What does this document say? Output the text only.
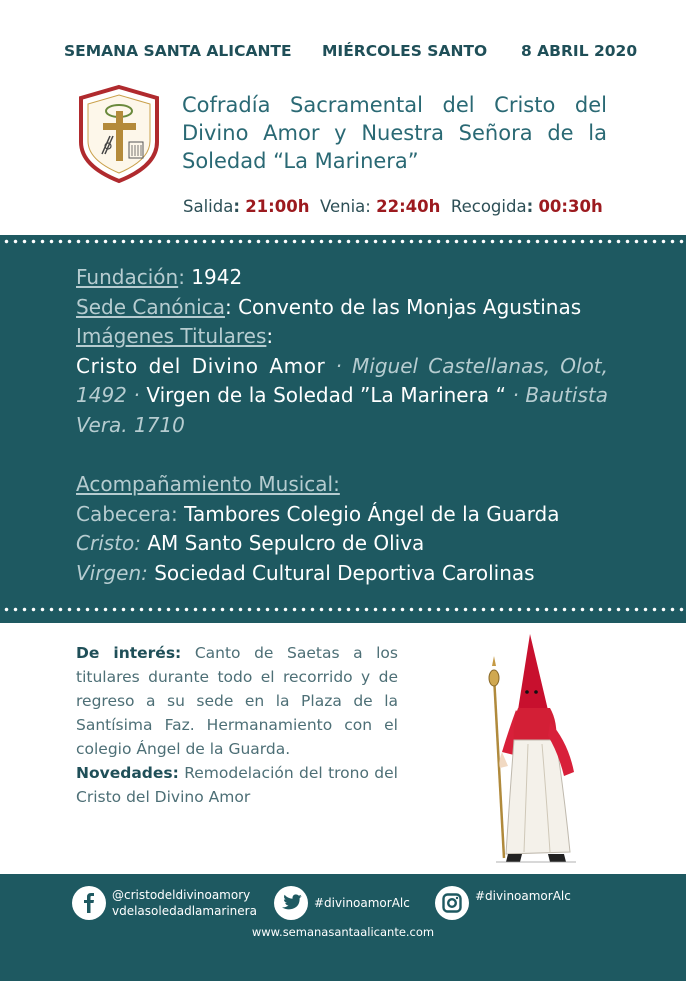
SEMANA SANTA ALICANTE MIÉRCOLES SANTO 8 ABRIL 2020
Cofradía Sacramental del Cristo del Divino Amor y Nuestra Señora de la Soledad “La Marinera”
Salida: 21:00h Venia: 22:40h Recogida: 00:30h

Fundación: 1942

Sede Canónica: Convento de las Monjas Agustinas

Imágenes Titulares:

Cristo del Divino Amor · Miguel Castellanas, Olot, 1492 · Virgen de la Soledad ”La Marinera “ · Bautista Vera. 1710

Acompañamiento Musical:

Cabecera: Tambores Colegio Ángel de la Guarda

Cristo: AM Santo Sepulcro de Oliva

Virgen: Sociedad Cultural Deportiva Carolinas

De interés: Canto de Saetas a los titulares durante todo el recorrido y de regreso a su sede en la Plaza de la Santísima Faz. Hermanamiento con el colegio Ángel de la Guarda.
Novedades: Remodelación del trono del Cristo del Divino Amor
@cristodeldivinoamory
vdelasoledadlamarinera
#divinoamorAlc	#divinoamorAlc
www.semanasantaalicante.com
